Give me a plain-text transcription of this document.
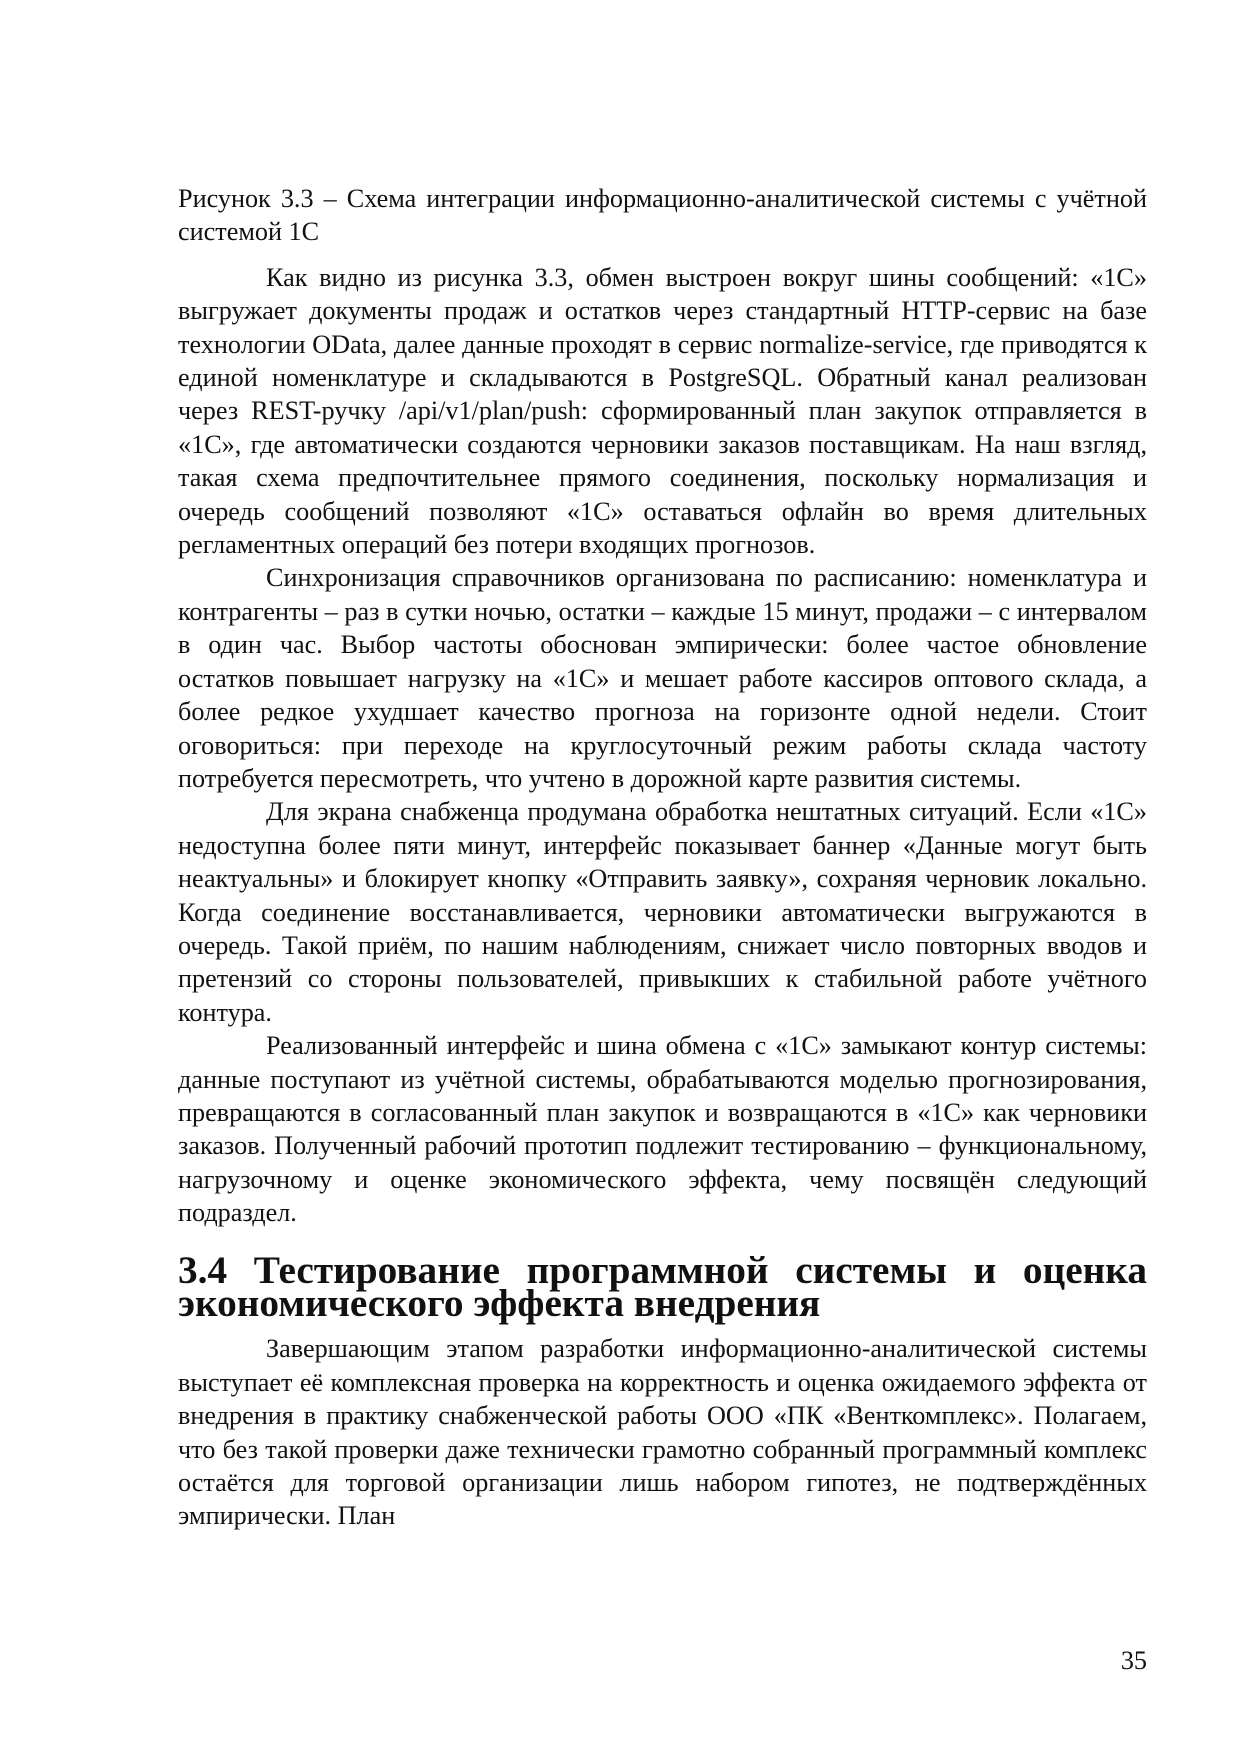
Рисунок 3.3 – Схема интеграции информационно-аналитической системы с учётной системой 1С

Как видно из рисунка 3.3, обмен выстроен вокруг шины сообщений: «1С» выгружает документы продаж и остатков через стандартный HTTP-сервис на базе технологии OData, далее данные проходят в сервис normalize-service, где приводятся к единой номенклатуре и складываются в PostgreSQL. Обратный канал реализован через REST-ручку /api/v1/plan/push: сформированный план закупок отправляется в «1С», где автоматически создаются черновики заказов поставщикам. На наш взгляд, такая схема предпочтительнее прямого соединения, поскольку нормализация и очередь сообщений позволяют «1С» оставаться офлайн во время длительных регламентных операций без потери входящих прогнозов.

Синхронизация справочников организована по расписанию: номенклатура и контрагенты – раз в сутки ночью, остатки – каждые 15 минут, продажи – с интервалом в один час. Выбор частоты обоснован эмпирически: более частое обновление остатков повышает нагрузку на «1С» и мешает работе кассиров оптового склада, а более редкое ухудшает качество прогноза на горизонте одной недели. Стоит оговориться: при переходе на круглосуточный режим работы склада частоту потребуется пересмотреть, что учтено в дорожной карте развития системы.

Для экрана снабженца продумана обработка нештатных ситуаций. Если «1С» недоступна более пяти минут, интерфейс показывает баннер «Данные могут быть неактуальны» и блокирует кнопку «Отправить заявку», сохраняя черновик локально. Когда соединение восстанавливается, черновики автоматически выгружаются в очередь. Такой приём, по нашим наблюдениям, снижает число повторных вводов и претензий со стороны пользователей, привыкших к стабильной работе учётного контура.

Реализованный интерфейс и шина обмена с «1С» замыкают контур системы: данные поступают из учётной системы, обрабатываются моделью прогнозирования, превращаются в согласованный план закупок и возвращаются в «1С» как черновики заказов. Полученный рабочий прототип подлежит тестированию – функциональному, нагрузочному и оценке экономического эффекта, чему посвящён следующий подраздел.

3.4 Тестирование программной системы и оценка экономического эффекта внедрения

Завершающим этапом разработки информационно-аналитической системы выступает её комплексная проверка на корректность и оценка ожидаемого эффекта от внедрения в практику снабженческой работы ООО «ПК «Венткомплекс». Полагаем, что без такой проверки даже технически грамотно собранный программный комплекс остаётся для торговой организации лишь набором гипотез, не подтверждённых эмпирически. План

35
